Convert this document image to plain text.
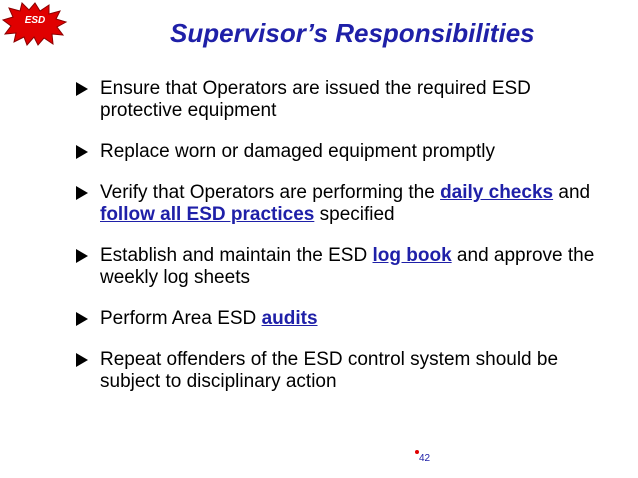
ESD	Supervisor’s Responsibilities
Ensure that Operators are issued the required ESD protective equipment
Replace worn or damaged equipment promptly
Verify that Operators are performing the daily checks and follow all ESD practices specified
Establish and maintain the ESD log book and approve the weekly log sheets
Perform Area ESD audits
Repeat offenders of the ESD control system should be subject to disciplinary action
42
